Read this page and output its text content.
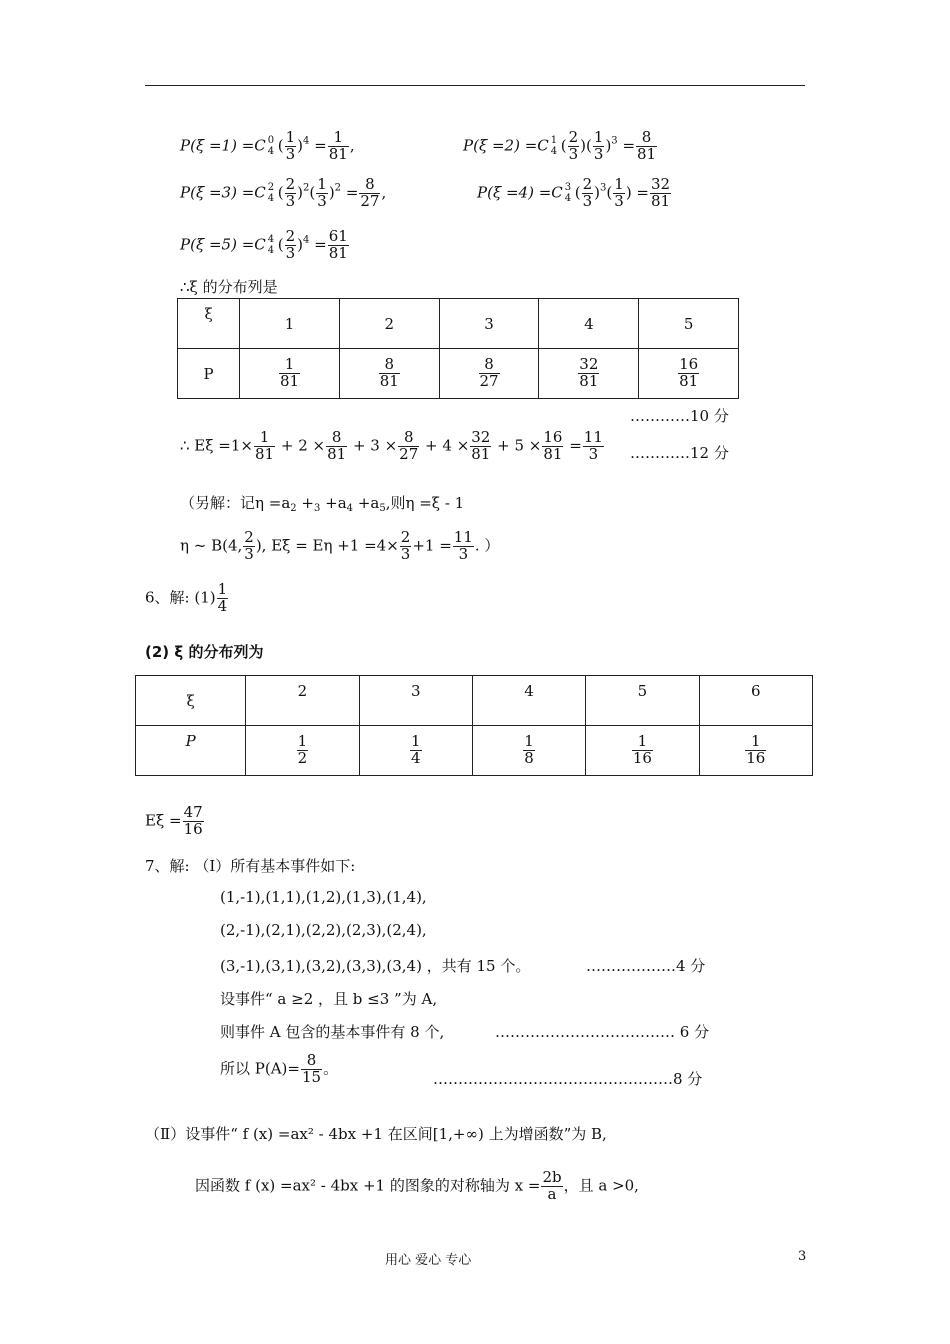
P(ξ =1) =C 0
4 ( $\frac{1}{3} )^4 = \frac{1}{81}$ ,	P(ξ =2) =C 1
4 ( $\frac{2}{3}$ )( $\frac{1}{3} )^3 = \frac{8}{81}$
P(ξ =3) =C 2
4 ( $\frac{2}{3} )^2( \frac{1}{3} )^2 = \frac{8}{27}$ ,	P(ξ =4) =C 3
4 ( $\frac{2}{3} )^3( \frac{1}{3}$ ) = $\frac{32}{81}$
P(ξ =5) =C 4
4 ( $\frac{2}{3} )^4 = \frac{61}{81}$
∴ξ 的分布列是
ξ	1	2	3	4	5
P	$\frac{1}{81}$	$\frac{8}{81}$	$\frac{8}{27}$	$\frac{32}{81}$	$\frac{16}{81}$
…………10 分
∴ $E\xi =1\times \frac{1}{81} + 2 \times \frac{8}{81} + 3 \times \frac{8}{27} + 4 \times \frac{32}{81} + 5 \times \frac{16}{81} = \frac{11}{3}$ …………12 分
（另解：记$\eta =a_2 +_3 +a_4 +a_5$,则η =ξ - 1
η ~ B(4, $\frac{2}{3}$ ), $E\xi = E\eta +1 =4\times \frac{2}{3} +1 = \frac{11}{3}$ . ）
6、解: $(1) \frac{1}{4}$
(2) ξ 的分布列为
ξ	2	3	4	5	6
P	$\frac{1}{2}$	$\frac{1}{4}$	$\frac{1}{8}$	$\frac{1}{16}$	$\frac{1}{16}$
$E\xi = \frac{47}{16}$
7、解: （Ⅰ）所有基本事件如下:
(1,-1),(1,1),(1,2),(1,3),(1,4),
(2,-1),(2,1),(2,2),(2,3),(2,4),
(3,-1),(3,1),(3,2),(3,3),(3,4) ，共有 15 个。	………………4 分
设事件“ a ≥2 ，且 b ≤3 ”为 A,
则事件 A 包含的基本事件有 8 个,	……………………………… 6 分
所以 $P(A)= \frac{8}{15}$ 。
…………………………………………8 分
（Ⅱ）设事件“ f (x) =ax² - 4bx +1 在区间[1,+∞) 上为增函数”为 B,
因函数 f (x) =ax² - 4bx +1 的图象的对称轴为 $x = \frac{2b}{a}$ ，且 a >0,
用心 爱心 专心	3
